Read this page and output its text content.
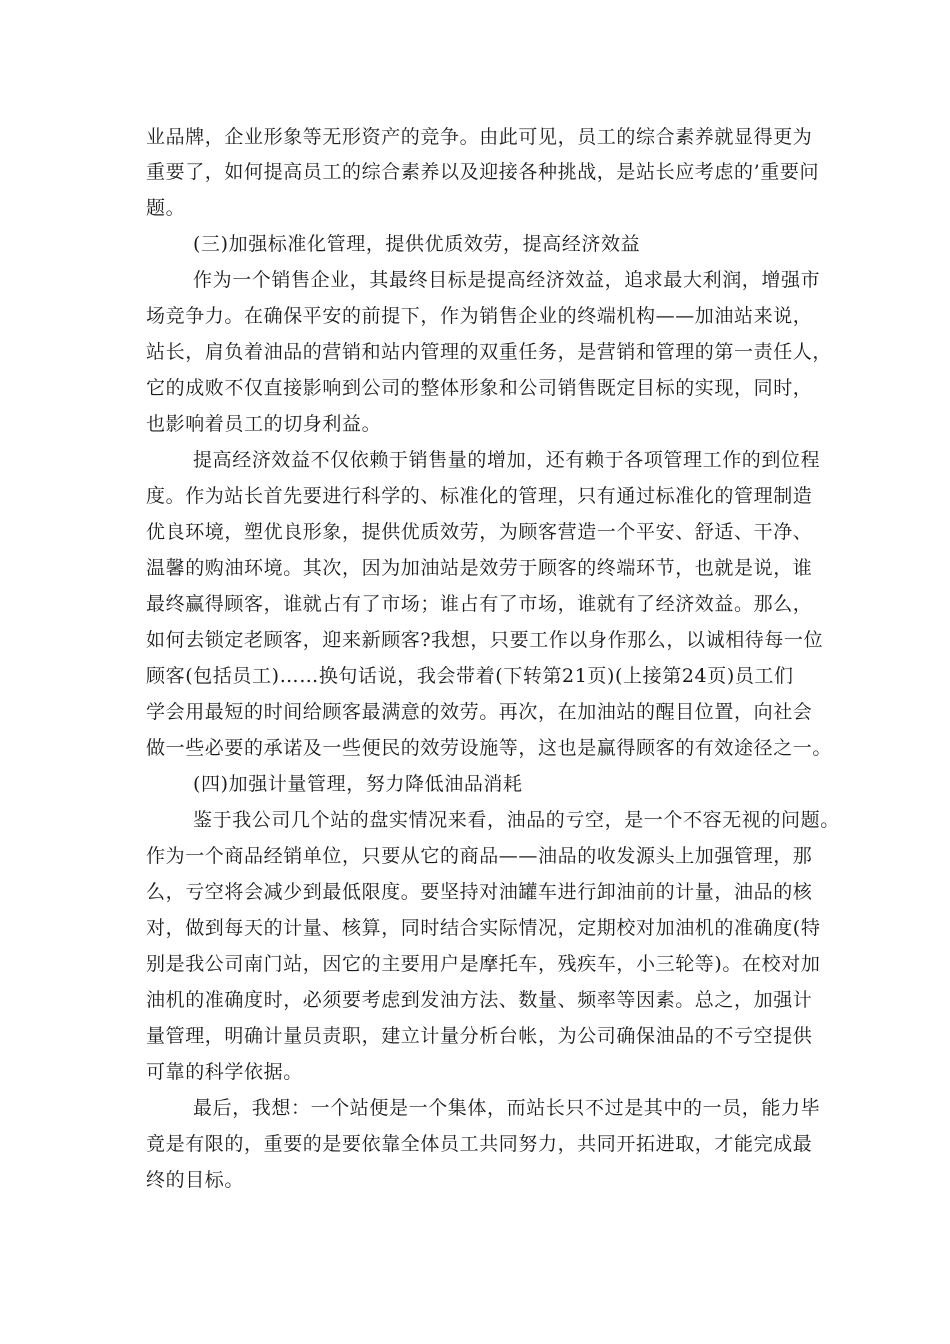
业品牌，企业形象等无形资产的竞争。由此可见，员工的综合素养就显得更为
重要了，如何提高员工的综合素养以及迎接各种挑战，是站长应考虑的’重要问
题。
(三)加强标准化管理，提供优质效劳，提高经济效益
作为一个销售企业，其最终目标是提高经济效益，追求最大利润，增强市
场竞争力。在确保平安的前提下，作为销售企业的终端机构——加油站来说，
站长，肩负着油品的营销和站内管理的双重任务，是营销和管理的第一责任人，
它的成败不仅直接影响到公司的整体形象和公司销售既定目标的实现，同时，
也影响着员工的切身利益。
提高经济效益不仅依赖于销售量的增加，还有赖于各项管理工作的到位程
度。作为站长首先要进行科学的、标准化的管理，只有通过标准化的管理制造
优良环境，塑优良形象，提供优质效劳，为顾客营造一个平安、舒适、干净、
温馨的购油环境。其次，因为加油站是效劳于顾客的终端环节，也就是说，谁
最终赢得顾客，谁就占有了市场；谁占有了市场，谁就有了经济效益。那么，
如何去锁定老顾客，迎来新顾客?我想，只要工作以身作那么，以诚相待每一位
顾客(包括员工)……换句话说，我会带着(下转第21页)(上接第24页)员工们
学会用最短的时间给顾客最满意的效劳。再次，在加油站的醒目位置，向社会
做一些必要的承诺及一些便民的效劳设施等，这也是赢得顾客的有效途径之一。
(四)加强计量管理，努力降低油品消耗
鉴于我公司几个站的盘实情况来看，油品的亏空，是一个不容无视的问题。
作为一个商品经销单位，只要从它的商品——油品的收发源头上加强管理，那
么，亏空将会减少到最低限度。要坚持对油罐车进行卸油前的计量，油品的核
对，做到每天的计量、核算，同时结合实际情况，定期校对加油机的准确度(特
别是我公司南门站，因它的主要用户是摩托车，残疾车，小三轮等)。在校对加
油机的准确度时，必须要考虑到发油方法、数量、频率等因素。总之，加强计
量管理，明确计量员责职，建立计量分析台帐，为公司确保油品的不亏空提供
可靠的科学依据。
最后，我想：一个站便是一个集体，而站长只不过是其中的一员，能力毕
竟是有限的，重要的是要依靠全体员工共同努力，共同开拓进取，才能完成最
终的目标。
